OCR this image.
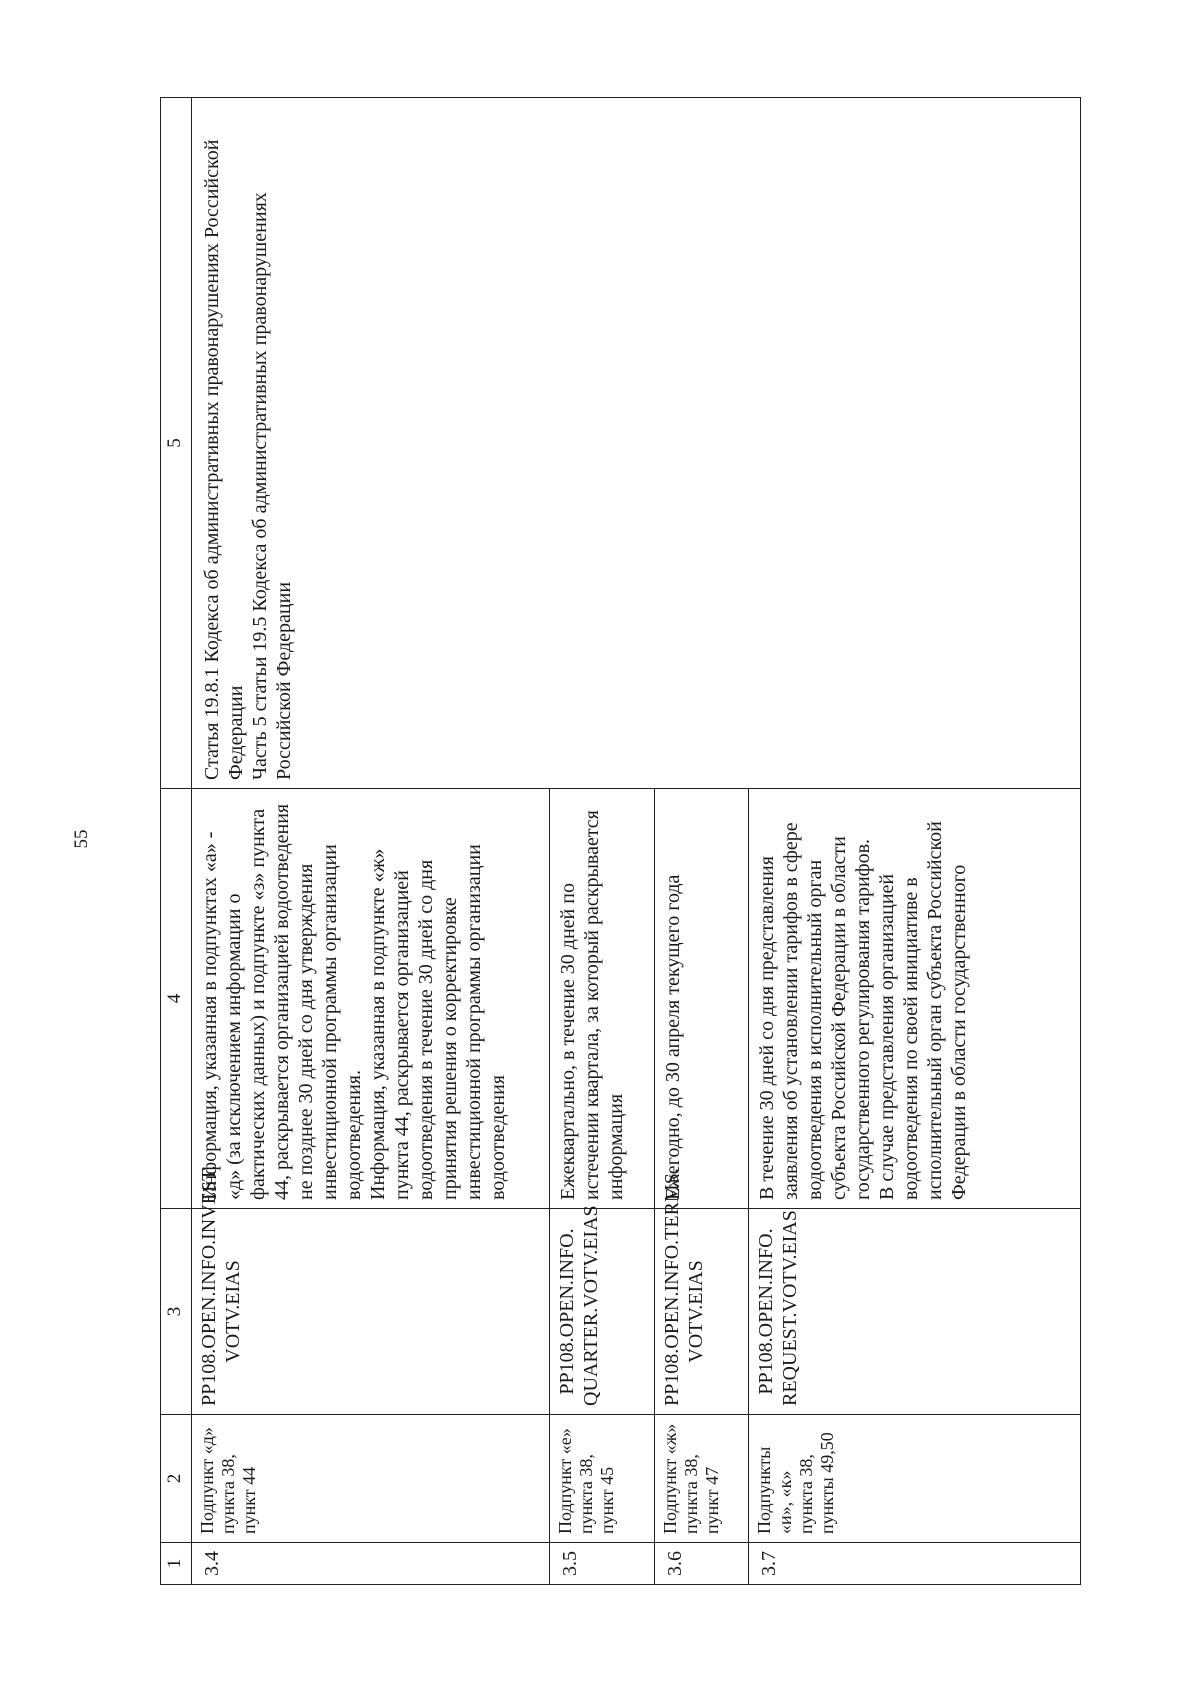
55
1	2	3	4	5
3.4	Подпункт «д» пункта 38, пункт 44	PP108.OPEN.INFO.INVEST. VOTV.EIAS	Информация, указанная в подпунктах «а» - «д» (за исключением информации о фактических данных) и подпункте «з» пункта 44, раскрывается организацией водоотведения не позднее 30 дней со дня утверждения инвестиционной программы организации водоотведения.
Информация, указанная в подпункте «ж» пункта 44, раскрывается организацией водоотведения в течение 30 дней со дня принятия решения о корректировке инвестиционной программы организации водоотведения	Статья 19.8.1 Кодекса об административных правонарушениях Российской Федерации
Часть 5 статьи 19.5 Кодекса об административных правонарушениях Российской Федерации
3.5	Подпункт «е» пункта 38, пункт 45	PP108.OPEN.INFO. QUARTER.VOTV.EIAS	Ежеквартально, в течение 30 дней по истечении квартала, за который раскрывается информация	
3.6	Подпункт «ж» пункта 38, пункт 47	PP108.OPEN.INFO.TERMS. VOTV.EIAS	Ежегодно, до 30 апреля текущего года	
3.7	Подпункты «и», «к» пункта 38, пункты 49,50	PP108.OPEN.INFO. REQUEST.VOTV.EIAS	В течение 30 дней со дня представления заявления об установлении тарифов в сфере водоотведения в исполнительный орган субъекта Российской Федерации в области государственного регулирования тарифов.
В случае представления организацией водоотведения по своей инициативе в исполнительный орган субъекта Российской Федерации в области государственного	
